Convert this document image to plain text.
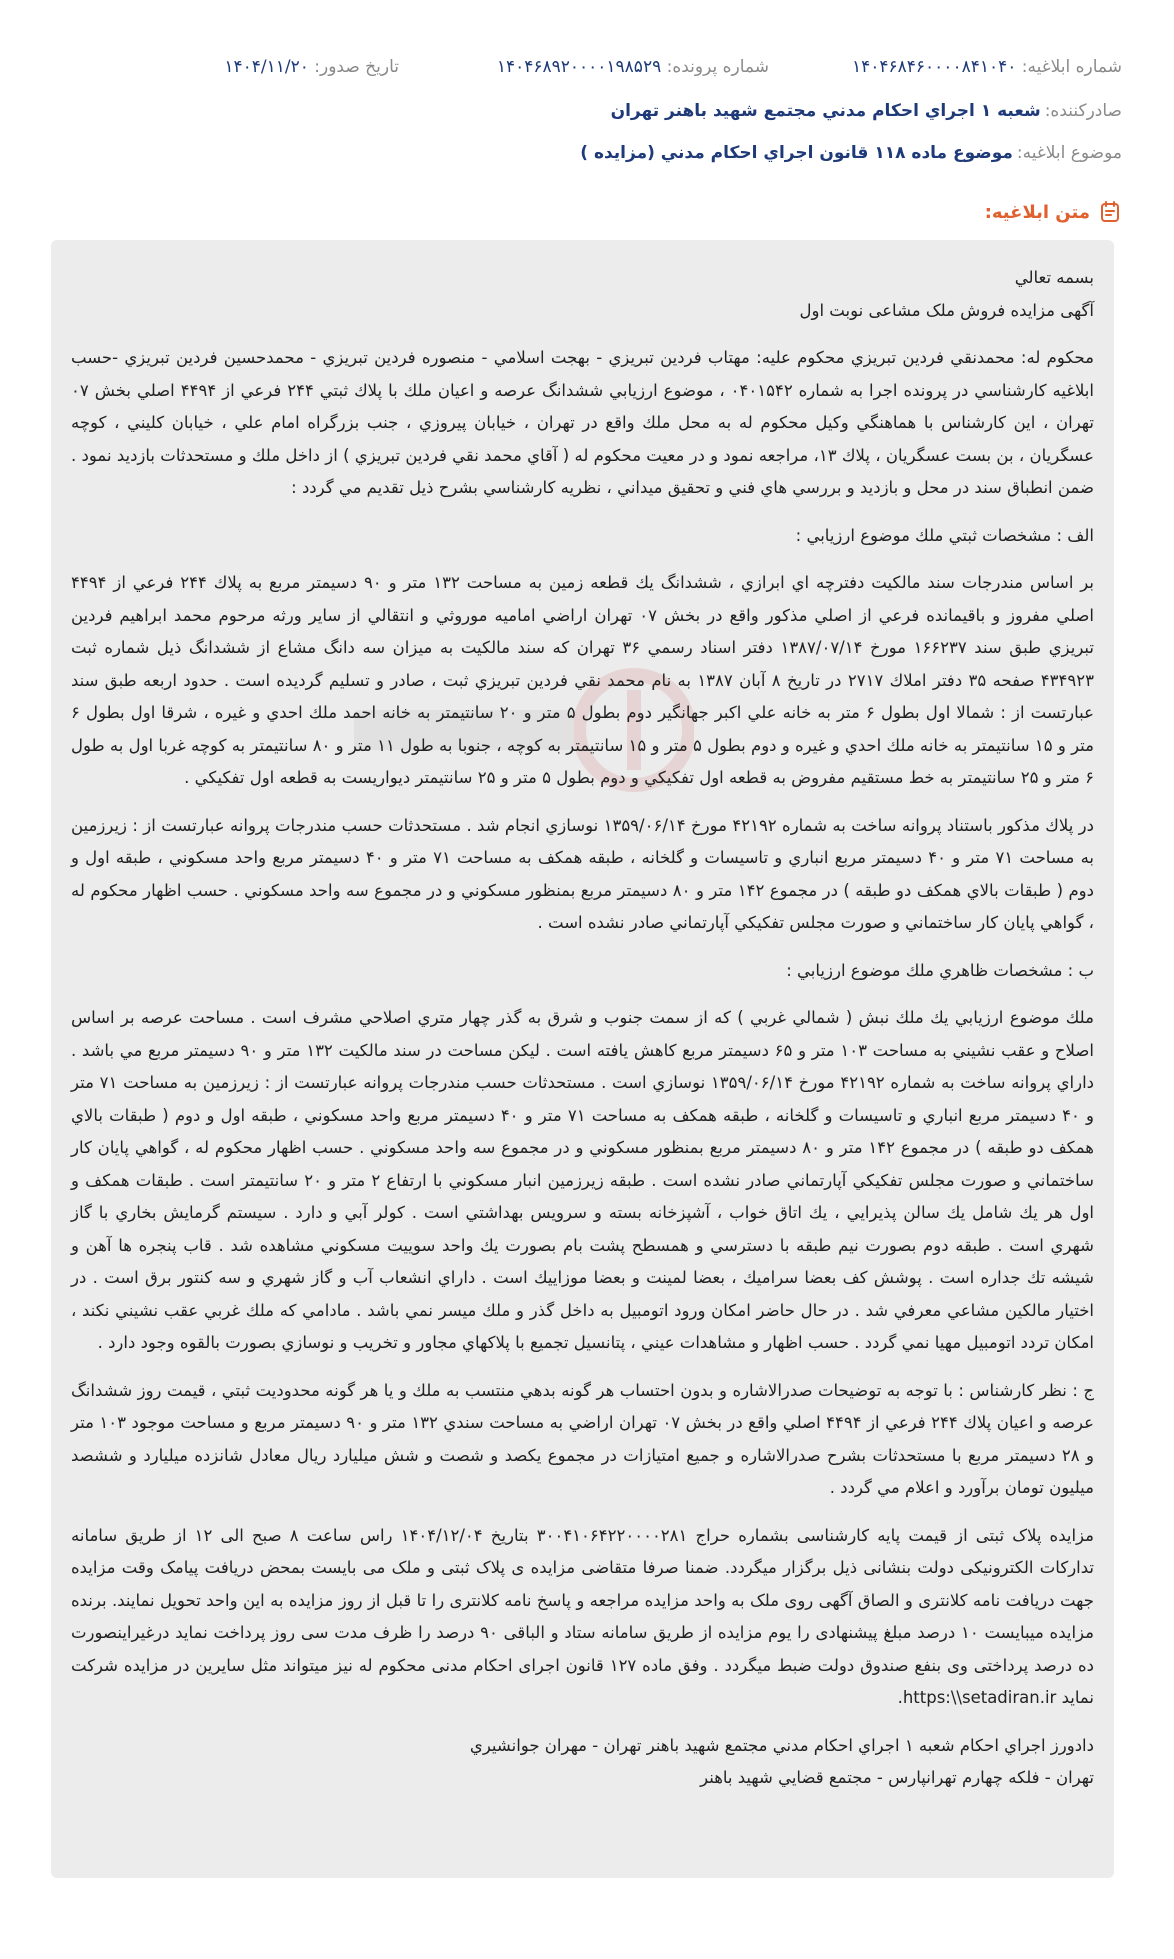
شماره ابلاغيه: ۱۴۰۴۶۸۴۶۰۰۰۰۸۴۱۰۴۰
شماره پرونده: ۱۴۰۴۶۸۹۲۰۰۰۰۱۹۸۵۲۹
تاريخ صدور: ۱۴۰۴/۱۱/۲۰
صادرکننده:
شعبه ۱ اجراي احکام مدني مجتمع شهيد باهنر تهران
موضوع ابلاغيه:
موضوع ماده ۱۱۸ قانون اجراي احکام مدني (مزايده )
متن ابلاغيه:

بسمه تعالي

آگهی مزایده فروش ملک مشاعی نوبت اول

محکوم له: محمدنقي فردين تبريزي محکوم عليه: مهتاب فردين تبريزي - بهجت اسلامي - منصوره فردين تبريزي - محمدحسين فردين تبريزي -حسب ابلاغيه کارشناسي در پرونده اجرا به شماره ۰۴۰۱۵۴۲ ، موضوع ارزيابي ششدانگ عرصه و اعيان ملك با پلاك ثبتي ۲۴۴ فرعي از ۴۴۹۴ اصلي بخش ۰۷ تهران ، اين كارشناس با هماهنگي وكيل محکوم له به محل ملك واقع در تهران ، خيابان پيروزي ، جنب بزرگراه امام علي ، خيابان كليني ، كوچه عسگريان ، بن بست عسگريان ، پلاك ۱۳، مراجعه نمود و در معيت محكوم له ( آقاي محمد نقي فردين تبريزي ) از داخل ملك و مستحدثات بازديد نمود . ضمن انطباق سند در محل و بازديد و بررسي هاي فني و تحقيق ميداني ، نظريه كارشناسي بشرح ذيل تقديم مي گردد :

الف : مشخصات ثبتي ملك موضوع ارزيابي :

بر اساس مندرجات سند مالكيت دفترچه اي ابرازي ، ششدانگ يك قطعه زمين به مساحت ۱۳۲ متر و ۹۰ دسيمتر مربع به پلاك ۲۴۴ فرعي از ۴۴۹۴ اصلي مفروز و باقيمانده فرعي از اصلي مذكور واقع در بخش ۰۷ تهران اراضي اماميه موروثي و انتقالي از ساير ورثه مرحوم محمد ابراهيم فردين تبريزي طبق سند ۱۶۶۲۳۷ مورخ ۱۳۸۷/۰۷/۱۴ دفتر اسناد رسمي ۳۶ تهران كه سند مالكيت به ميزان سه دانگ مشاع از ششدانگ ذيل شماره ثبت ۴۳۴۹۲۳ صفحه ۳۵ دفتر املاك ۲۷۱۷ در تاريخ ۸ آبان ۱۳۸۷ به نام محمد نقي فردين تبريزي ثبت ، صادر و تسليم گرديده است . حدود اربعه طبق سند عبارتست از : شمالا اول بطول ۶ متر به خانه علي اكبر جهانگير دوم بطول ۵ متر و ۲۰ سانتيمتر به خانه احمد ملك احدي و غيره ، شرقا اول بطول ۶ متر و ۱۵ سانتيمتر به خانه ملك احدي و غيره و دوم بطول ۵ متر و ۱۵ سانتيمتر به كوچه ، جنوبا به طول ۱۱ متر و ۸۰ سانتيمتر به كوچه غربا اول به طول ۶ متر و ۲۵ سانتيمتر به خط مستقيم مفروض به قطعه اول تفكيكي و دوم بطول ۵ متر و ۲۵ سانتيمتر ديواريست به قطعه اول تفكيكي .

در پلاك مذكور باستناد پروانه ساخت به شماره ۴۲۱۹۲ مورخ ۱۳۵۹/۰۶/۱۴ نوسازي انجام شد . مستحدثات حسب مندرجات پروانه عبارتست از : زيرزمين به مساحت ۷۱ متر و ۴۰ دسيمتر مربع انباري و تاسيسات و گلخانه ، طبقه همكف به مساحت ۷۱ متر و ۴۰ دسيمتر مربع واحد مسكوني ، طبقه اول و دوم ( طبقات بالاي همكف دو طبقه ) در مجموع ۱۴۲ متر و ۸۰ دسيمتر مربع بمنظور مسكوني و در مجموع سه واحد مسكوني . حسب اظهار محكوم له ، گواهي پايان كار ساختماني و صورت مجلس تفكيكي آپارتماني صادر نشده است .

ب : مشخصات ظاهري ملك موضوع ارزيابي :

ملك موضوع ارزيابي يك ملك نبش ( شمالي غربي ) كه از سمت جنوب و شرق به گذر چهار متري اصلاحي مشرف است . مساحت عرصه بر اساس اصلاح و عقب نشيني به مساحت ۱۰۳ متر و ۶۵ دسيمتر مربع كاهش يافته است . ليكن مساحت در سند مالكيت ۱۳۲ متر و ۹۰ دسيمتر مربع مي باشد . داراي پروانه ساخت به شماره ۴۲۱۹۲ مورخ ۱۳۵۹/۰۶/۱۴ نوسازي است . مستحدثات حسب مندرجات پروانه عبارتست از : زيرزمين به مساحت ۷۱ متر و ۴۰ دسيمتر مربع انباري و تاسيسات و گلخانه ، طبقه همكف به مساحت ۷۱ متر و ۴۰ دسيمتر مربع واحد مسكوني ، طبقه اول و دوم ( طبقات بالاي همكف دو طبقه ) در مجموع ۱۴۲ متر و ۸۰ دسيمتر مربع بمنظور مسكوني و در مجموع سه واحد مسكوني . حسب اظهار محكوم له ، گواهي پايان كار ساختماني و صورت مجلس تفكيكي آپارتماني صادر نشده است . طبقه زيرزمين انبار مسكوني با ارتفاع ۲ متر و ۲۰ سانتيمتر است . طبقات همكف و اول هر يك شامل يك سالن پذيرايي ، يك اتاق خواب ، آشپزخانه بسته و سرويس بهداشتي است . كولر آبي و دارد . سيستم گرمايش بخاري با گاز شهري است . طبقه دوم بصورت نيم طبقه با دسترسي و همسطح پشت بام بصورت يك واحد سوييت مسكوني مشاهده شد . قاب پنجره ها آهن و شيشه تك جداره است . پوشش كف بعضا سراميك ، بعضا لمينت و بعضا موزاييك است . داراي انشعاب آب و گاز شهري و سه كنتور برق است . در اختيار مالكين مشاعي معرفي شد . در حال حاضر امكان ورود اتومبيل به داخل گذر و ملك ميسر نمي باشد . مادامي كه ملك غربي عقب نشيني نكند ، امكان تردد اتومبيل مهيا نمي گردد . حسب اظهار و مشاهدات عيني ، پتانسيل تجميع با پلاكهاي مجاور و تخريب و نوسازي بصورت بالقوه وجود دارد .

ج : نظر كارشناس : با توجه به توضيحات صدرالاشاره و بدون احتساب هر گونه بدهي منتسب به ملك و يا هر گونه محدوديت ثبتي ، قيمت روز ششدانگ عرصه و اعيان پلاك ۲۴۴ فرعي از ۴۴۹۴ اصلي واقع در بخش ۰۷ تهران اراضي به مساحت سندي ۱۳۲ متر و ۹۰ دسيمتر مربع و مساحت موجود ۱۰۳ متر و ۲۸ دسيمتر مربع با مستحدثات بشرح صدرالاشاره و جميع امتيازات در مجموع يكصد و شصت و شش ميليارد ريال معادل شانزده ميليارد و ششصد ميليون تومان برآورد و اعلام مي گردد .

مزایده پلاک ثبتی از قیمت پایه کارشناسی بشماره حراج ۳۰۰۴۱۰۶۴۲۲۰۰۰۰۲۸۱ بتاریخ ۱۴۰۴/۱۲/۰۴ راس ساعت ۸ صبح الی ۱۲ از طریق سامانه تدارکات الکترونیکی دولت بنشانی ذیل برگزار میگردد. ضمنا صرفا متقاضی مزایده ی پلاک ثبتی و ملک می بایست بمحض دریافت پیامک وقت مزایده جهت دریافت نامه کلانتری و الصاق آگهی روی ملک به واحد مزایده مراجعه و پاسخ نامه کلانتری را تا قبل از روز مزایده به این واحد تحویل نمایند. برنده مزایده میبایست ۱۰ درصد مبلغ پیشنهادی را یوم مزایده از طریق سامانه ستاد و الباقی ۹۰ درصد را ظرف مدت سی روز پرداخت نماید درغیراینصورت ده درصد پرداختی وی بنفع صندوق دولت ضبط میگردد . وفق ماده ۱۲۷ قانون اجرای احکام مدنی محکوم له نیز میتواند مثل سایرین در مزایده شرکت نماید https:\\setadiran.ir.

دادورز اجراي احكام شعبه ۱ اجراي احكام مدني مجتمع شهيد باهنر تهران - مهران جوانشيري

تهران - فلكه چهارم تهرانپارس - مجتمع قضايي شهيد باهنر
